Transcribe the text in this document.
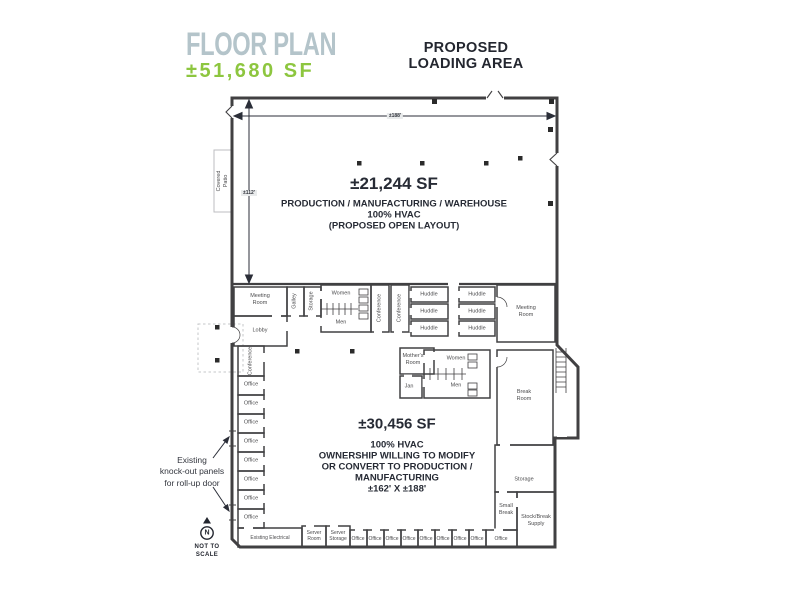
FLOOR PLAN
±51,680 SF
PROPOSED
LOADING AREA
±188'
±112'	±21,244 SF
PRODUCTION / MANUFACTURING / WAREHOUSE
100% HVAC
(PROPOSED OPEN LAYOUT)
±30,456 SF
100% HVAC
OWNERSHIP WILLING TO MODIFY
OR CONVERT TO PRODUCTION /
MANUFACTURING
±162' X ±188'
Covered Patio
Meeting Room	Galley Storage	Women
Men
Conference	Conference	Huddle
Huddle
Huddle
Huddle
Huddle
Huddle
Meeting Room
Lobby
Conference
Office
Office
Office
Office
Office
Office
Office
Office
Mother's Room
Jan
Women
Men
Break Room
Storage
Small Break
Stock/Break Supply
Office
Existing Electrical
Server Room
Server Storage Office Office Office Office Office Office Office Office
Existing
knock-out panels
for roll-up door
N
NOT TO
SCALE
